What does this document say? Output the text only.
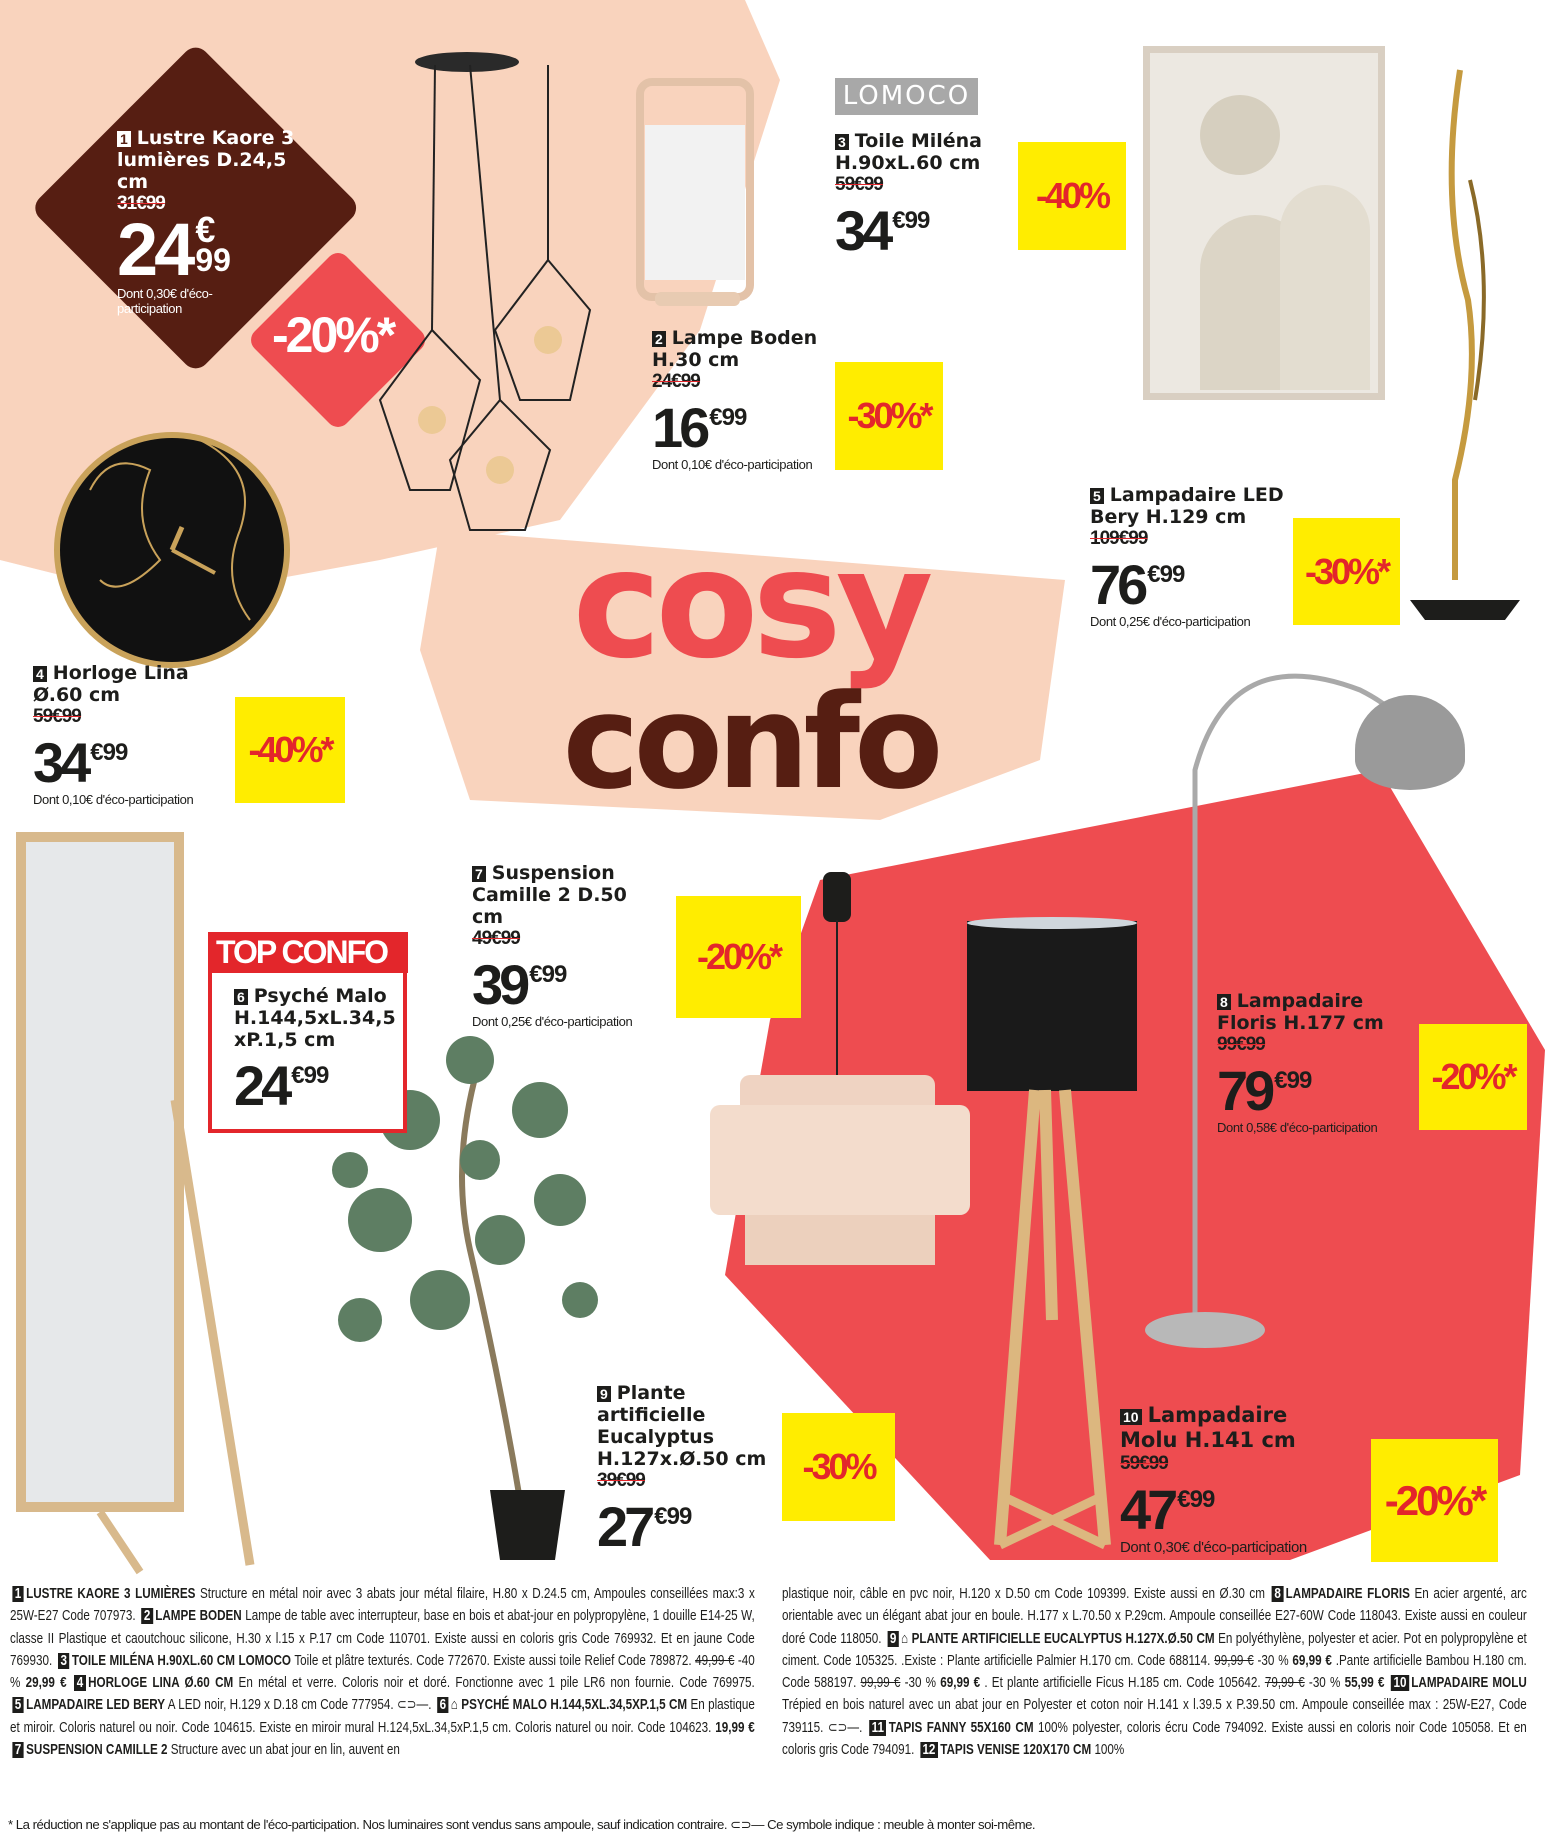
cosy
confo
1 Lustre Kaore 3 lumières D.24,5 cm
31€99
24 €
99
Dont 0,30€ d'éco-participation	-20%*	2 Lampe Boden H.30 cm
24€99
16 $^{€99}$
Dont 0,10€ d'éco-participation
-30%*
LOMOCO
3 Toile Miléna H.90xL.60 cm
59€99
34 $^{€99}$
-40%
4 Horloge Lina Ø.60 cm
59€99
34 $^{€99}$
Dont 0,10€ d'éco-participation
-40%*
5 Lampadaire LED Bery H.129 cm
109€99
76 $^{€99}$
Dont 0,25€ d'éco-participation
-30%*
TOP CONFO
6 Psyché Malo H.144,5xL.34,5 xP.1,5 cm
24 $^{€99}$
7 Suspension Camille 2 D.50 cm
49€99
39 $^{€99}$
Dont 0,25€ d'éco-participation
-20%*
8 Lampadaire Floris H.177 cm
99€99
79 $^{€99}$
Dont 0,58€ d'éco-participation
-20%*
9 Plante artificielle Eucalyptus H.127x.Ø.50 cm
39€99
27 $^{€99}$
-30%
10 Lampadaire Molu H.141 cm
59€99
47 $^{€99}$
Dont 0,30€ d'éco-participation
-20%*
1 LUSTRE KAORE 3 LUMIÈRES Structure en métal noir avec 3 abats jour métal filaire, H.80 x D.24.5 cm, Ampoules conseillées max:3 x 25W-E27 Code 707973. 2 LAMPE BODEN Lampe de table avec interrupteur, base en bois et abat-jour en polypropylène, 1 douille E14-25 W, classe II Plastique et caoutchouc silicone, H.30 x l.15 x P.17 cm Code 110701. Existe aussi en coloris gris Code 769932. Et en jaune Code 769930. 3 TOILE MILÉNA H.90XL.60 CM LOMOCO Toile et plâtre texturés. Code 772670. Existe aussi toile Relief Code 789872. 49,99 € -40 % 29,99 € 4 HORLOGE LINA Ø.60 CM En métal et verre. Coloris noir et doré. Fonctionne avec 1 pile LR6 non fournie. Code 769975. 5 LAMPADAIRE LED BERY A LED noir, H.129 x D.18 cm Code 777954. ⊂⊃—. 6 ⌂ PSYCHÉ MALO H.144,5XL.34,5XP.1,5 CM En plastique et miroir. Coloris naturel ou noir. Code 104615. Existe en miroir mural H.124,5xL.34,5xP.1,5 cm. Coloris naturel ou noir. Code 104623. 19,99 € 7 SUSPENSION CAMILLE 2 Structure avec un abat jour en lin, auvent en
plastique noir, câble en pvc noir, H.120 x D.50 cm Code 109399. Existe aussi en Ø.30 cm 8 LAMPADAIRE FLORIS En acier argenté, arc orientable avec un élégant abat jour en boule. H.177 x L.70.50 x P.29cm. Ampoule conseillée E27-60W Code 118043. Existe aussi en couleur doré Code 118050. 9 ⌂ PLANTE ARTIFICIELLE EUCALYPTUS H.127X.Ø.50 CM En polyéthylène, polyester et acier. Pot en polypropylène et ciment. Code 105325. .Existe : Plante artificielle Palmier H.170 cm. Code 688114. 99,99 € -30 % 69,99 € .Pante artificielle Bambou H.180 cm. Code 588197. 99,99 € -30 % 69,99 € . Et plante artificielle Ficus H.185 cm. Code 105642. 79,99 € -30 % 55,99 € 10 LAMPADAIRE MOLU Trépied en bois naturel avec un abat jour en Polyester et coton noir H.141 x l.39.5 x P.39.50 cm. Ampoule conseillée max : 25W-E27, Code 739115. ⊂⊃—. 11 TAPIS FANNY 55X160 CM 100% polyester, coloris écru Code 794092. Existe aussi en coloris noir Code 105058. Et en coloris gris Code 794091. 12 TAPIS VENISE 120X170 CM 100%
* La réduction ne s'applique pas au montant de l'éco-participation. Nos luminaires sont vendus sans ampoule, sauf indication contraire. ⊂⊃— Ce symbole indique : meuble à monter soi-même.
